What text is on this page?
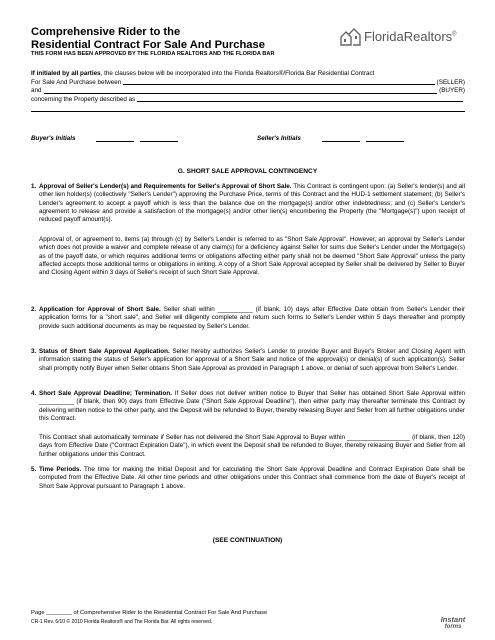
Comprehensive Rider to the
Residential Contract For Sale And Purchase
THIS FORM HAS BEEN APPROVED BY THE FLORIDA REALTORS AND THE FLORIDA BAR
FloridaRealtors®
If initialed by all parties, the clauses below will be incorporated into the Florida Realtors®/Florida Bar Residential Contract
For Sale And Purchase between	(SELLER)
and	(BUYER)
concerning the Property described as
Buyer's Initials	Seller's Initials
G. SHORT SALE APPROVAL CONTINGENCY
1. Approval of Seller's Lender(s) and Requirements for Seller's Approval of Short Sale. This Contract is contingent upon: (a) Seller's lender(s) and all other lien holder(s) (collectively "Seller's Lender") approving the Purchase Price, terms of this Contract and the HUD-1 settlement statement; (b) Seller's Lender's agreement to accept a payoff which is less than the balance due on the mortgage(s) and/or other indebtedness; and (c) Seller's Lender's agreement to release and provide a satisfaction of the mortgage(s) and/or other lien(s) encumbering the Property (the "Mortgage(s)") upon receipt of reduced payoff amount(s).
Approval of, or agreement to, items (a) through (c) by Seller's Lender is referred to as "Short Sale Approval". However, an approval by Seller's Lender which does not provide a waiver and complete release of any claim(s) for a deficiency against Seller for sums due Seller's Lender under the Mortgage(s) as of the payoff date, or which requires additional terms or obligations affecting either party shall not be deemed "Short Sale Approval" unless the party affected accepts those additional terms or obligations in writing. A copy of a Short Sale Approval accepted by Seller shall be delivered by Seller to Buyer and Closing Agent within 3 days of Seller's receipt of such Short Sale Approval.
2. Application for Approval of Short Sale. Seller shall within __________ (if blank, 10) days after Effective Date obtain from Seller's Lender their application forms for a "short sale", and Seller will diligently complete and return such forms to Seller's Lender within 5 days thereafter and promptly provide such additional documents as may be requested by Seller's Lender.
3. Status of Short Sale Approval Application. Seller hereby authorizes Seller's Lender to provide Buyer and Buyer's Broker and Closing Agent with information stating the status of Seller's application for approval of a Short Sale and notice of the approval(s) or denial(s) of such application(s). Seller shall promptly notify Buyer when Seller obtains Short Sale Approval as provided in Paragraph 1 above, or denial of such approval from Seller's Lender.
4. Short Sale Approval Deadline; Termination. If Seller does not deliver written notice to Buyer that Seller has obtained Short Sale Approval within __________ (if blank, then 90) days from Effective Date ("Short Sale Approval Deadline"), then either party may thereafter terminate this Contract by delivering written notice to the other party, and the Deposit will be refunded to Buyer, thereby releasing Buyer and Seller from all further obligations under this Contract.
This Contract shall automatically terminate if Seller has not delivered the Short Sale Approval to Buyer within __________________ (if blank, then 120) days from Effective Date ("Contract Expiration Date"), in which event the Deposit shall be refunded to Buyer, thereby releasing Buyer and Seller from all further obligations under this Contract.
5. Time Periods. The time for making the Initial Deposit and for calculating the Short Sale Approval Deadline and Contract Expiration Date shall be computed from the Effective Date. All other time periods and other obligations under this Contract shall commence from the date of Buyer's receipt of Short Sale Approval pursuant to Paragraph 1 above.
(SEE CONTINUATION)
Page ________ of Comprehensive Rider to the Residential Contract For Sale And Purchase
CR-1 Rev. 6/10 © 2010 Florida Realtors® and The Florida Bar. All rights reserved.	Instant
forms
